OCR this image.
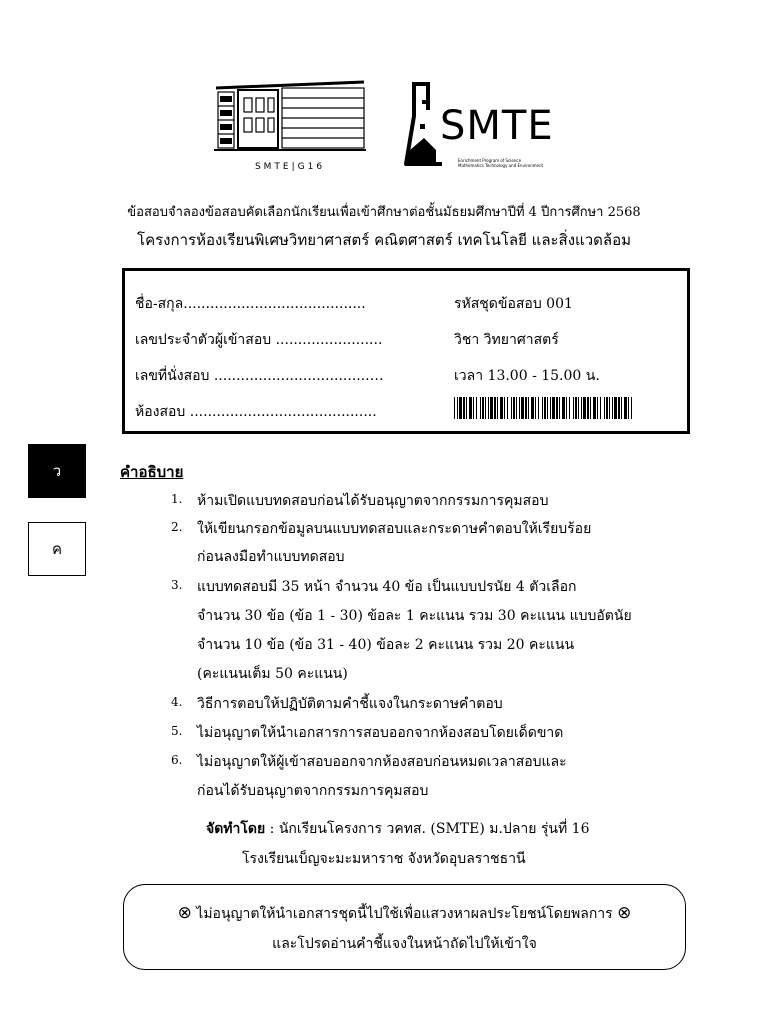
SMTE|G16
SMTE
Enrichment Program of Science Mathematics Technology and Environment
ข้อสอบจำลองข้อสอบคัดเลือกนักเรียนเพื่อเข้าศึกษาต่อชั้นมัธยมศึกษาปีที่ 4 ปีการศึกษา 2568
โครงการห้องเรียนพิเศษวิทยาศาสตร์ คณิตศาสตร์ เทคโนโลยี และสิ่งแวดล้อม
ชื่อ-สกุล.........................................
เลขประจำตัวผู้เข้าสอบ ........................
เลขที่นั่งสอบ ...................................…
ห้องสอบ ..........................................
รหัสชุดข้อสอบ 001
วิชา วิทยาศาสตร์
เวลา 13.00 - 15.00 น.
ว
ค
คำอธิบาย
1. ห้ามเปิดแบบทดสอบก่อนได้รับอนุญาตจากกรรมการคุมสอบ
2. ให้เขียนกรอกข้อมูลบนแบบทดสอบและกระดาษคำตอบให้เรียบร้อย
ก่อนลงมือทำแบบทดสอบ
3. แบบทดสอบมี 35 หน้า จำนวน 40 ข้อ เป็นแบบปรนัย 4 ตัวเลือก
จำนวน 30 ข้อ (ข้อ 1 - 30) ข้อละ 1 คะแนน รวม 30 คะแนน แบบอัตนัย
จำนวน 10 ข้อ (ข้อ 31 - 40) ข้อละ 2 คะแนน รวม 20 คะแนน
(คะแนนเต็ม 50 คะแนน)
4. วิธีการตอบให้ปฏิบัติตามคำชี้แจงในกระดาษคำตอบ
5. ไม่อนุญาตให้นำเอกสารการสอบออกจากห้องสอบโดยเด็ดขาด
6. ไม่อนุญาตให้ผู้เข้าสอบออกจากห้องสอบก่อนหมดเวลาสอบและ
ก่อนได้รับอนุญาตจากกรรมการคุมสอบ
จัดทำโดย : นักเรียนโครงการ วคทส. (SMTE) ม.ปลาย รุ่นที่ 16
โรงเรียนเบ็ญจะมะมหาราช จังหวัดอุบลราชธานี
⊗ ไม่อนุญาตให้นำเอกสารชุดนี้ไปใช้เพื่อแสวงหาผลประโยชน์โดยพลการ ⊗
และโปรดอ่านคำชี้แจงในหน้าถัดไปให้เข้าใจ
